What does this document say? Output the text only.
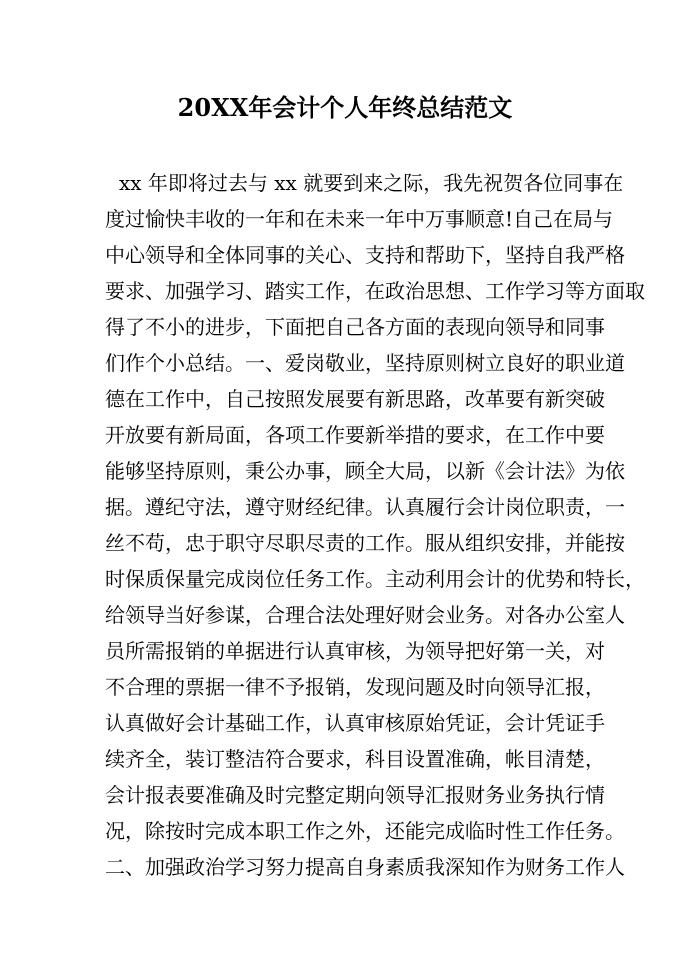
20XX年会计个人年终总结范文
xx 年即将过去与 xx 就要到来之际，我先祝贺各位同事在
度过愉快丰收的一年和在未来一年中万事顺意!自己在局与
中心领导和全体同事的关心、支持和帮助下，坚持自我严格
要求、加强学习、踏实工作，在政治思想、工作学习等方面取
得了不小的进步，下面把自己各方面的表现向领导和同事
们作个小总结。一、爱岗敬业，坚持原则树立良好的职业道
德在工作中，自己按照发展要有新思路，改革要有新突破
开放要有新局面，各项工作要新举措的要求，在工作中要
能够坚持原则，秉公办事，顾全大局，以新《会计法》为依
据。遵纪守法，遵守财经纪律。认真履行会计岗位职责，一
丝不苟，忠于职守尽职尽责的工作。服从组织安排，并能按
时保质保量完成岗位任务工作。主动利用会计的优势和特长，
给领导当好参谋，合理合法处理好财会业务。对各办公室人
员所需报销的单据进行认真审核，为领导把好第一关，对
不合理的票据一律不予报销，发现问题及时向领导汇报，
认真做好会计基础工作，认真审核原始凭证，会计凭证手
续齐全，装订整洁符合要求，科目设置准确，帐目清楚，
会计报表要准确及时完整定期向领导汇报财务业务执行情
况，除按时完成本职工作之外，还能完成临时性工作任务。
二、加强政治学习努力提高自身素质我深知作为财务工作人
